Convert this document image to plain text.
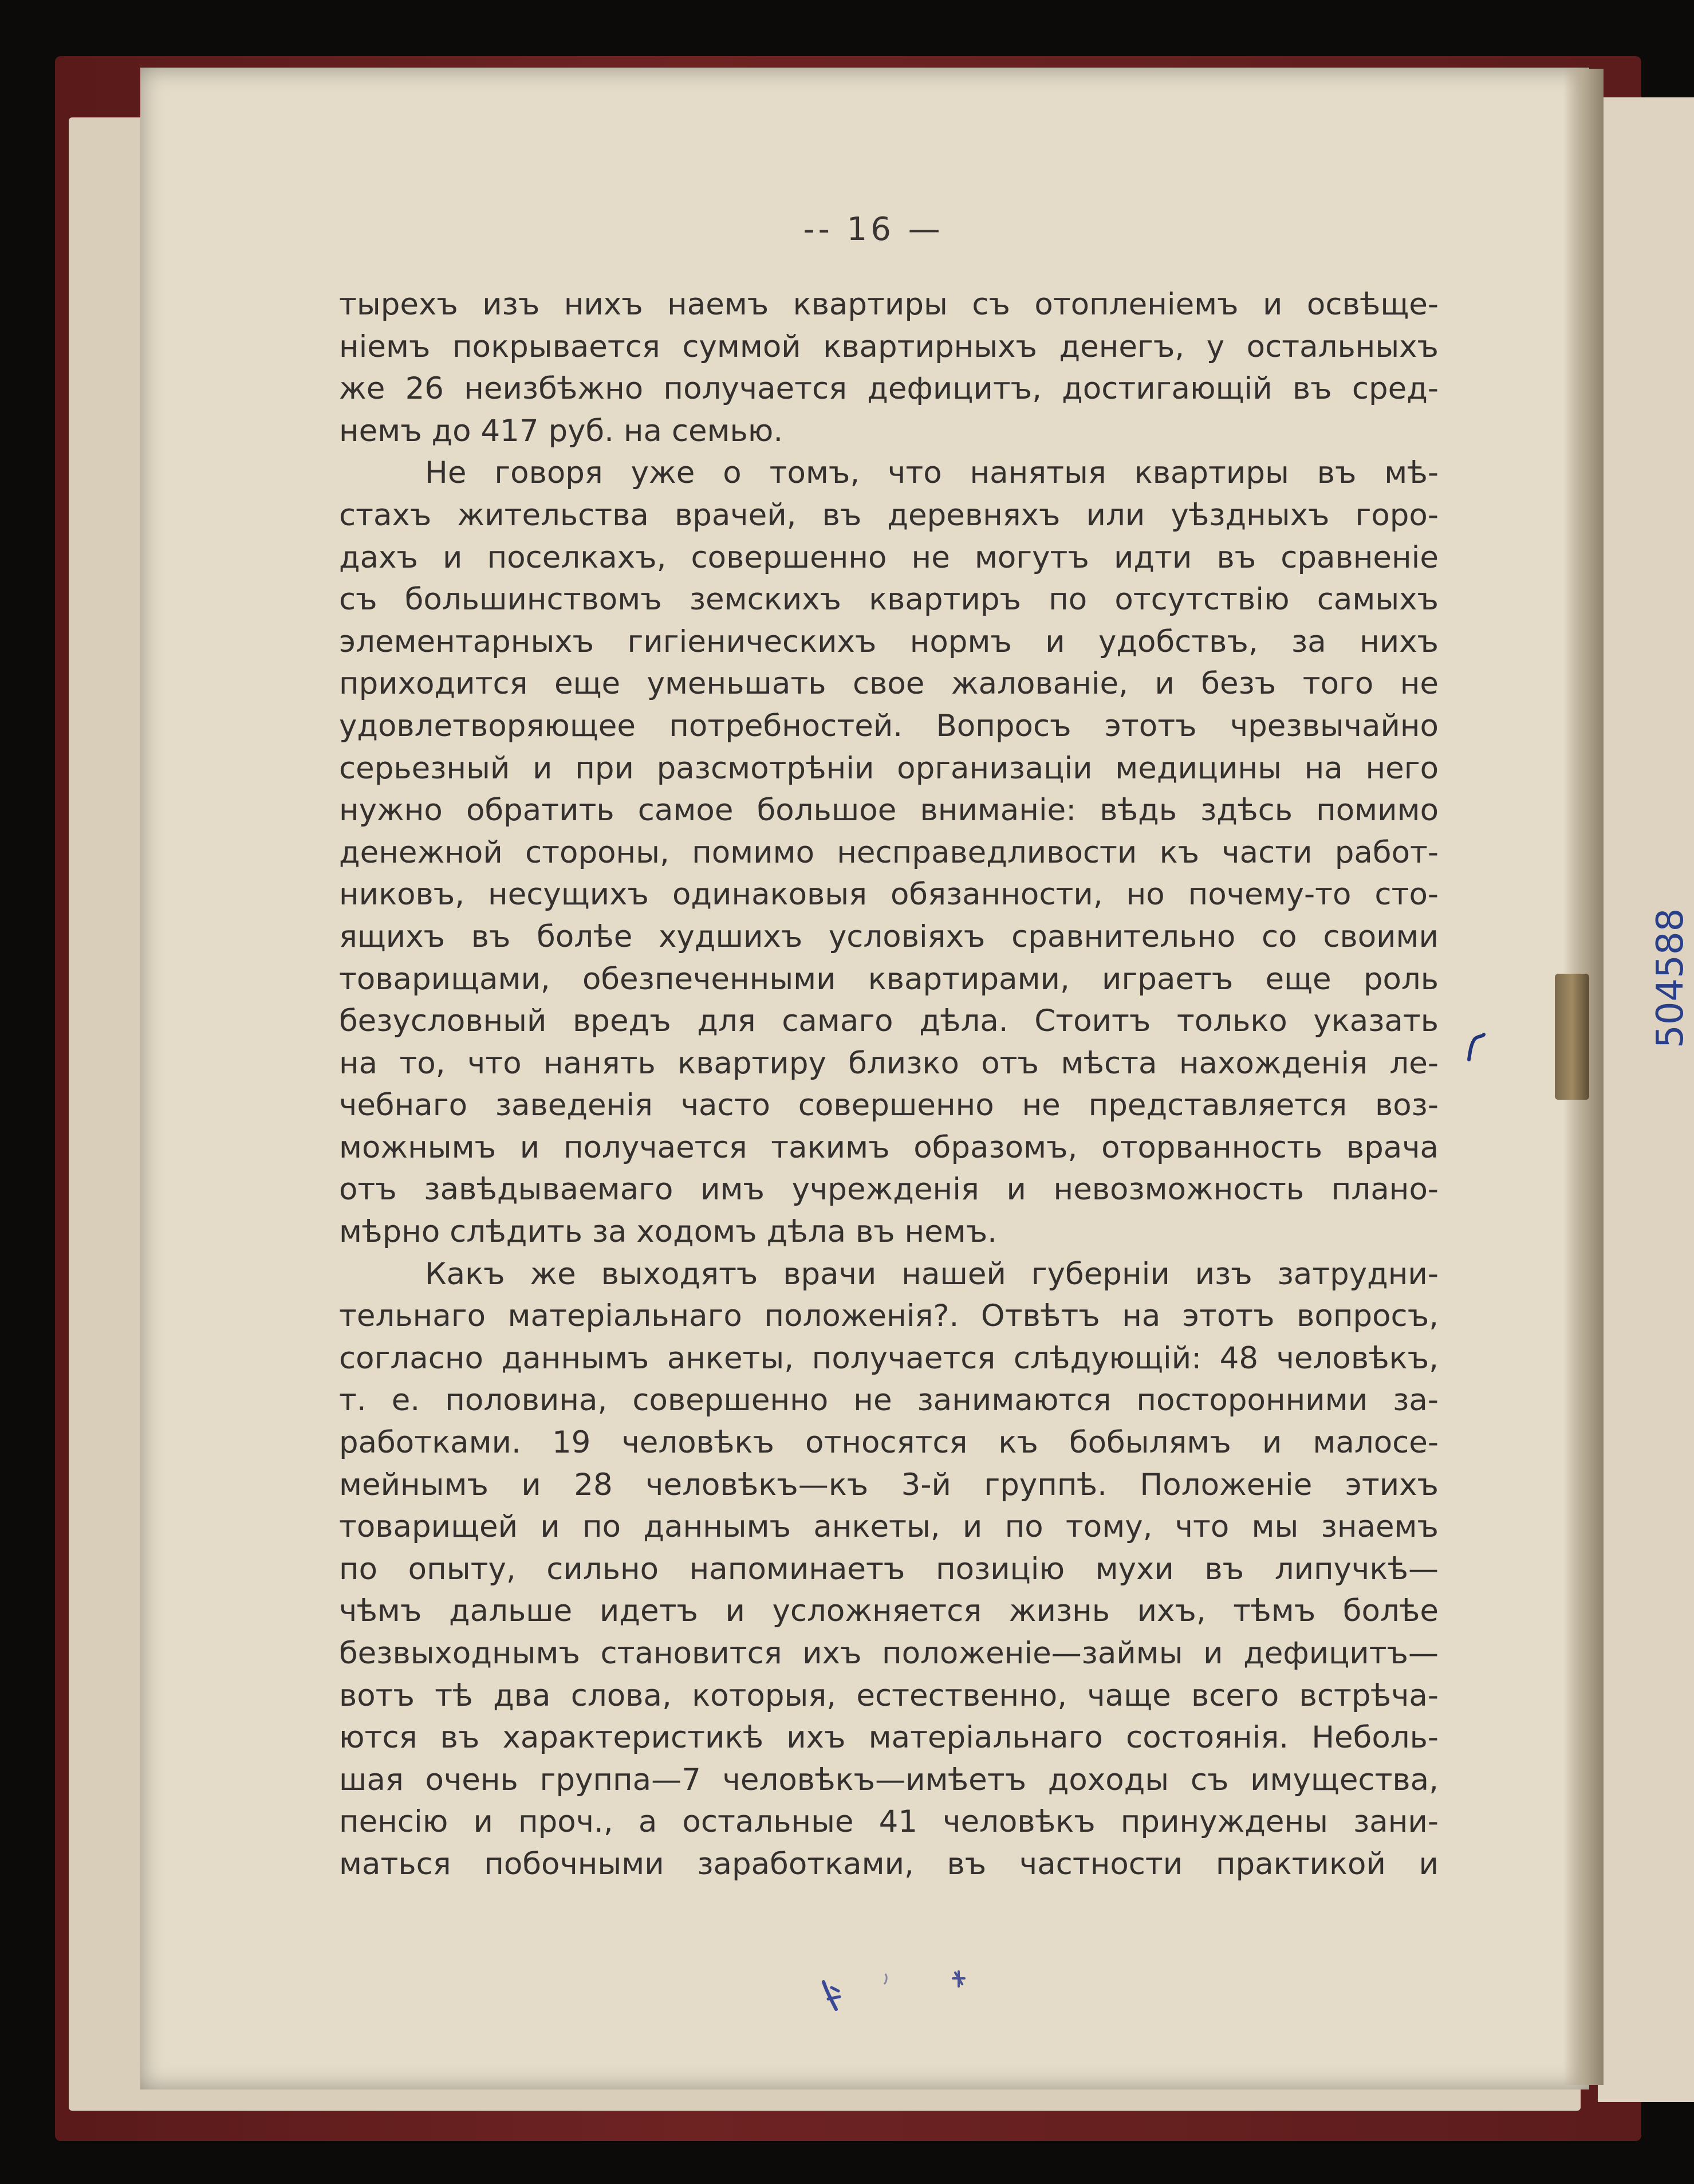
-- 16 —
тырехъ изъ нихъ наемъ квартиры съ отопленіемъ и освѣще-
ніемъ покрывается суммой квартирныхъ денегъ, у остальныхъ
же 26 неизбѣжно получается дефицитъ, достигающій въ сред-
немъ до 417 руб. на семью.
Не говоря уже о томъ, что нанятыя квартиры въ мѣ-
стахъ жительства врачей, въ деревняхъ или уѣздныхъ горо-
дахъ и поселкахъ, совершенно не могутъ идти въ сравненіе
съ большинствомъ земскихъ квартиръ по отсутствію самыхъ
элементарныхъ гигіеническихъ нормъ и удобствъ, за нихъ
приходится еще уменьшать свое жалованіе, и безъ того не
удовлетворяющее потребностей. Вопросъ этотъ чрезвычайно
серьезный и при разсмотрѣніи организаціи медицины на него
нужно обратить самое большое вниманіе: вѣдь здѣсь помимо
денежной стороны, помимо несправедливости къ части работ-
никовъ, несущихъ одинаковыя обязанности, но почему-то сто-
ящихъ въ болѣе худшихъ условіяхъ сравнительно со своими
товарищами, обезпеченными квартирами, играетъ еще роль
безусловный вредъ для самаго дѣла. Стоитъ только указать
на то, что нанять квартиру близко отъ мѣста нахожденія ле-
чебнаго заведенія часто совершенно не представляется воз-
можнымъ и получается такимъ образомъ, оторванность врача
отъ завѣдываемаго имъ учрежденія и невозможность плано-
мѣрно слѣдить за ходомъ дѣла въ немъ.
Какъ же выходятъ врачи нашей губерніи изъ затрудни-
тельнаго матеріальнаго положенія?. Отвѣтъ на этотъ вопросъ,
согласно даннымъ анкеты, получается слѣдующій: 48 человѣкъ,
т. е. половина, совершенно не занимаются посторонними за-
работками. 19 человѣкъ относятся къ бобылямъ и малосе-
мейнымъ и 28 человѣкъ—къ 3-й группѣ. Положеніе этихъ
товарищей и по даннымъ анкеты, и по тому, что мы знаемъ
по опыту, сильно напоминаетъ позицію мухи въ липучкѣ—
чѣмъ дальше идетъ и усложняется жизнь ихъ, тѣмъ болѣе
безвыходнымъ становится ихъ положеніе—займы и дефицитъ—
вотъ тѣ два слова, которыя, естественно, чаще всего встрѣча-
ются въ характеристикѣ ихъ матеріальнаго состоянія. Неболь-
шая очень группа—7 человѣкъ—имѣетъ доходы съ имущества,
пенсію и проч., а остальные 41 человѣкъ принуждены зани-
маться побочными заработками, въ частности практикой и
